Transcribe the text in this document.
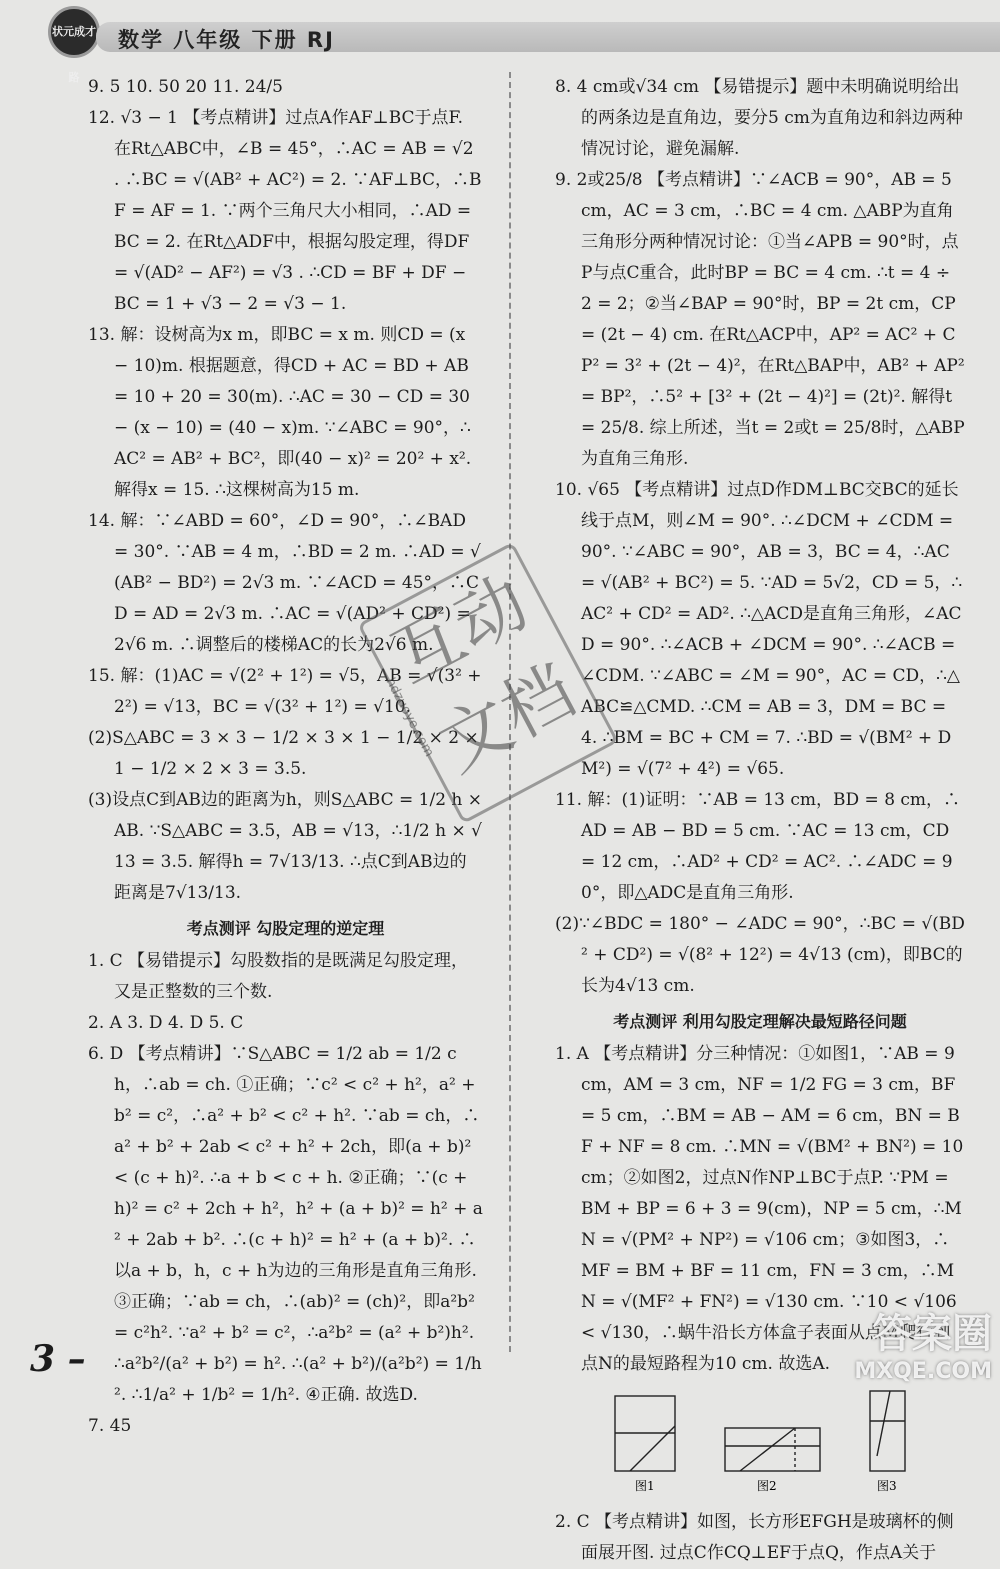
状元成才路
数学 八年级 下册 RJ

9. 5 10. 50 20 11. 24/5

12. √3 − 1 【考点精讲】过点A作AF⊥BC于点F. 在Rt△ABC中，∠B = 45°，∴AC = AB = √2 . ∴BC = √(AB² + AC²) = 2. ∵AF⊥BC，∴BF = AF = 1. ∵两个三角尺大小相同，∴AD = BC = 2. 在Rt△ADF中，根据勾股定理，得DF = √(AD² − AF²) = √3 . ∴CD = BF + DF − BC = 1 + √3 − 2 = √3 − 1.

13. 解：设树高为x m，即BC = x m. 则CD = (x − 10)m. 根据题意，得CD + AC = BD + AB = 10 + 20 = 30(m). ∴AC = 30 − CD = 30 − (x − 10) = (40 − x)m. ∵∠ABC = 90°，∴AC² = AB² + BC²，即(40 − x)² = 20² + x². 解得x = 15. ∴这棵树高为15 m.

14. 解：∵∠ABD = 60°，∠D = 90°，∴∠BAD = 30°. ∵AB = 4 m，∴BD = 2 m. ∴AD = √(AB² − BD²) = 2√3 m. ∵∠ACD = 45°，∴CD = AD = 2√3 m. ∴AC = √(AD² + CD²) = 2√6 m. ∴调整后的楼梯AC的长为2√6 m.

15. 解：(1)AC = √(2² + 1²) = √5，AB = √(3² + 2²) = √13，BC = √(3² + 1²) = √10.

(2)S△ABC = 3 × 3 − 1/2 × 3 × 1 − 1/2 × 2 × 1 − 1/2 × 2 × 3 = 3.5.

(3)设点C到AB边的距离为h，则S△ABC = 1/2 h × AB. ∵S△ABC = 3.5，AB = √13，∴1/2 h × √13 = 3.5. 解得h = 7√13/13. ∴点C到AB边的距离是7√13/13.

考点测评 勾股定理的逆定理

1. C 【易错提示】勾股数指的是既满足勾股定理，又是正整数的三个数.

2. A 3. D 4. D 5. C

6. D 【考点精讲】∵S△ABC = 1/2 ab = 1/2 ch，∴ab = ch. ①正确；∵c² < c² + h²，a² + b² = c²，∴a² + b² < c² + h². ∵ab = ch，∴a² + b² + 2ab < c² + h² + 2ch，即(a + b)² < (c + h)². ∴a + b < c + h. ②正确；∵(c + h)² = c² + 2ch + h²，h² + (a + b)² = h² + a² + 2ab + b². ∴(c + h)² = h² + (a + b)². ∴以a + b，h，c + h为边的三角形是直角三角形. ③正确；∵ab = ch，∴(ab)² = (ch)²，即a²b² = c²h². ∵a² + b² = c²，∴a²b² = (a² + b²)h². ∴a²b²/(a² + b²) = h². ∴(a² + b²)/(a²b²) = 1/h². ∴1/a² + 1/b² = 1/h². ④正确. 故选D.

7. 45

8. 4 cm或√34 cm 【易错提示】题中未明确说明给出的两条边是直角边，要分5 cm为直角边和斜边两种情况讨论，避免漏解.

9. 2或25/8 【考点精讲】∵∠ACB = 90°，AB = 5 cm，AC = 3 cm，∴BC = 4 cm. △ABP为直角三角形分两种情况讨论：①当∠APB = 90°时，点P与点C重合，此时BP = BC = 4 cm. ∴t = 4 ÷ 2 = 2；②当∠BAP = 90°时，BP = 2t cm，CP = (2t − 4) cm. 在Rt△ACP中，AP² = AC² + CP² = 3² + (2t − 4)²，在Rt△BAP中，AB² + AP² = BP²，∴5² + [3² + (2t − 4)²] = (2t)². 解得t = 25/8. 综上所述，当t = 2或t = 25/8时，△ABP为直角三角形.

10. √65 【考点精讲】过点D作DM⊥BC交BC的延长线于点M，则∠M = 90°. ∴∠DCM + ∠CDM = 90°. ∵∠ABC = 90°，AB = 3，BC = 4，∴AC = √(AB² + BC²) = 5. ∵AD = 5√2，CD = 5，∴AC² + CD² = AD². ∴△ACD是直角三角形，∠ACD = 90°. ∴∠ACB + ∠DCM = 90°. ∴∠ACB = ∠CDM. ∵∠ABC = ∠M = 90°，AC = CD，∴△ABC≌△CMD. ∴CM = AB = 3，DM = BC = 4. ∴BM = BC + CM = 7. ∴BD = √(BM² + DM²) = √(7² + 4²) = √65.

11. 解：(1)证明：∵AB = 13 cm，BD = 8 cm，∴AD = AB − BD = 5 cm. ∵AC = 13 cm，CD = 12 cm，∴AD² + CD² = AC². ∴∠ADC = 90°，即△ADC是直角三角形.

(2)∵∠BDC = 180° − ∠ADC = 90°，∴BC = √(BD² + CD²) = √(8² + 12²) = 4√13 (cm)，即BC的长为4√13 cm.

考点测评 利用勾股定理解决最短路径问题

1. A 【考点精讲】分三种情况：①如图1，∵AB = 9 cm，AM = 3 cm，NF = 1/2 FG = 3 cm，BF = 5 cm，∴BM = AB − AM = 6 cm，BN = BF + NF = 8 cm. ∴MN = √(BM² + BN²) = 10 cm；②如图2，过点N作NP⊥BC于点P. ∵PM = BM + BP = 6 + 3 = 9(cm)，NP = 5 cm，∴MN = √(PM² + NP²) = √106 cm；③如图3，∴MF = BM + BF = 11 cm，FN = 3 cm，∴MN = √(MF² + FN²) = √130 cm. ∵10 < √106 < √130，∴蜗牛沿长方体盒子表面从点M爬行到点N的最短路程为10 cm. 故选A.

图1	图2	图3

2. C 【考点精讲】如图，长方形EFGH是玻璃杯的侧面展开图. 过点C作CQ⊥EF于点Q，作点A关于

互动文档
hdzuoye.com
3 –
答案圈
MXQE.COM
